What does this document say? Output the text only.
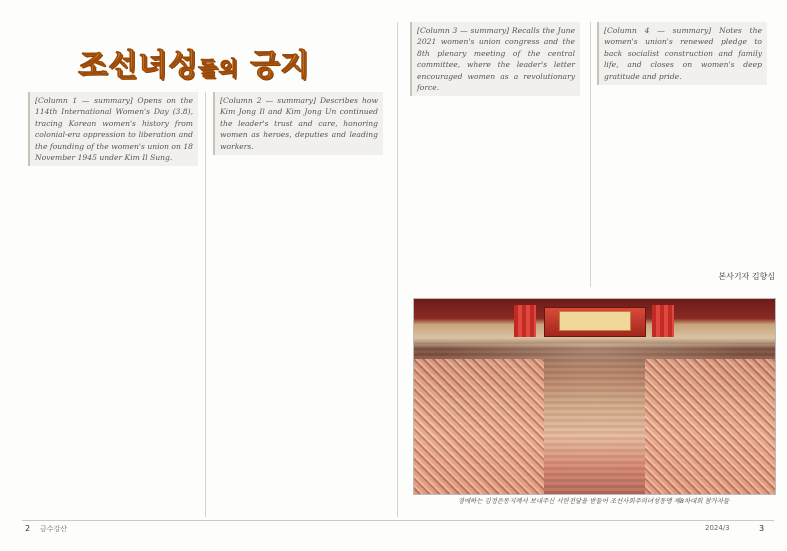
조선녀성들의 긍지

[Column 1 — summary] Opens on the 114th International Women's Day (3.8), tracing Korean women's history from colonial-era oppression to liberation and the founding of the women's union on 18 November 1945 under Kim Il Sung.

[Column 2 — summary] Describes how Kim Jong Il and Kim Jong Un continued the leader's trust and care, honoring women as heroes, deputies and leading workers.

[Column 3 — summary] Recalls the June 2021 women's union congress and the 8th plenary meeting of the central committee, where the leader's letter encouraged women as a revolutionary force.

[Column 4 — summary] Notes the women's union's renewed pledge to back socialist construction and family life, and closes on women's deep gratitude and pride.

본사기자 김향심
경애하는 김정은동지께서 보내주신 서한전달을 받들어 조선사회주의녀성동맹 제8차대회 참가자들
2 금수강산	2024/3	3
